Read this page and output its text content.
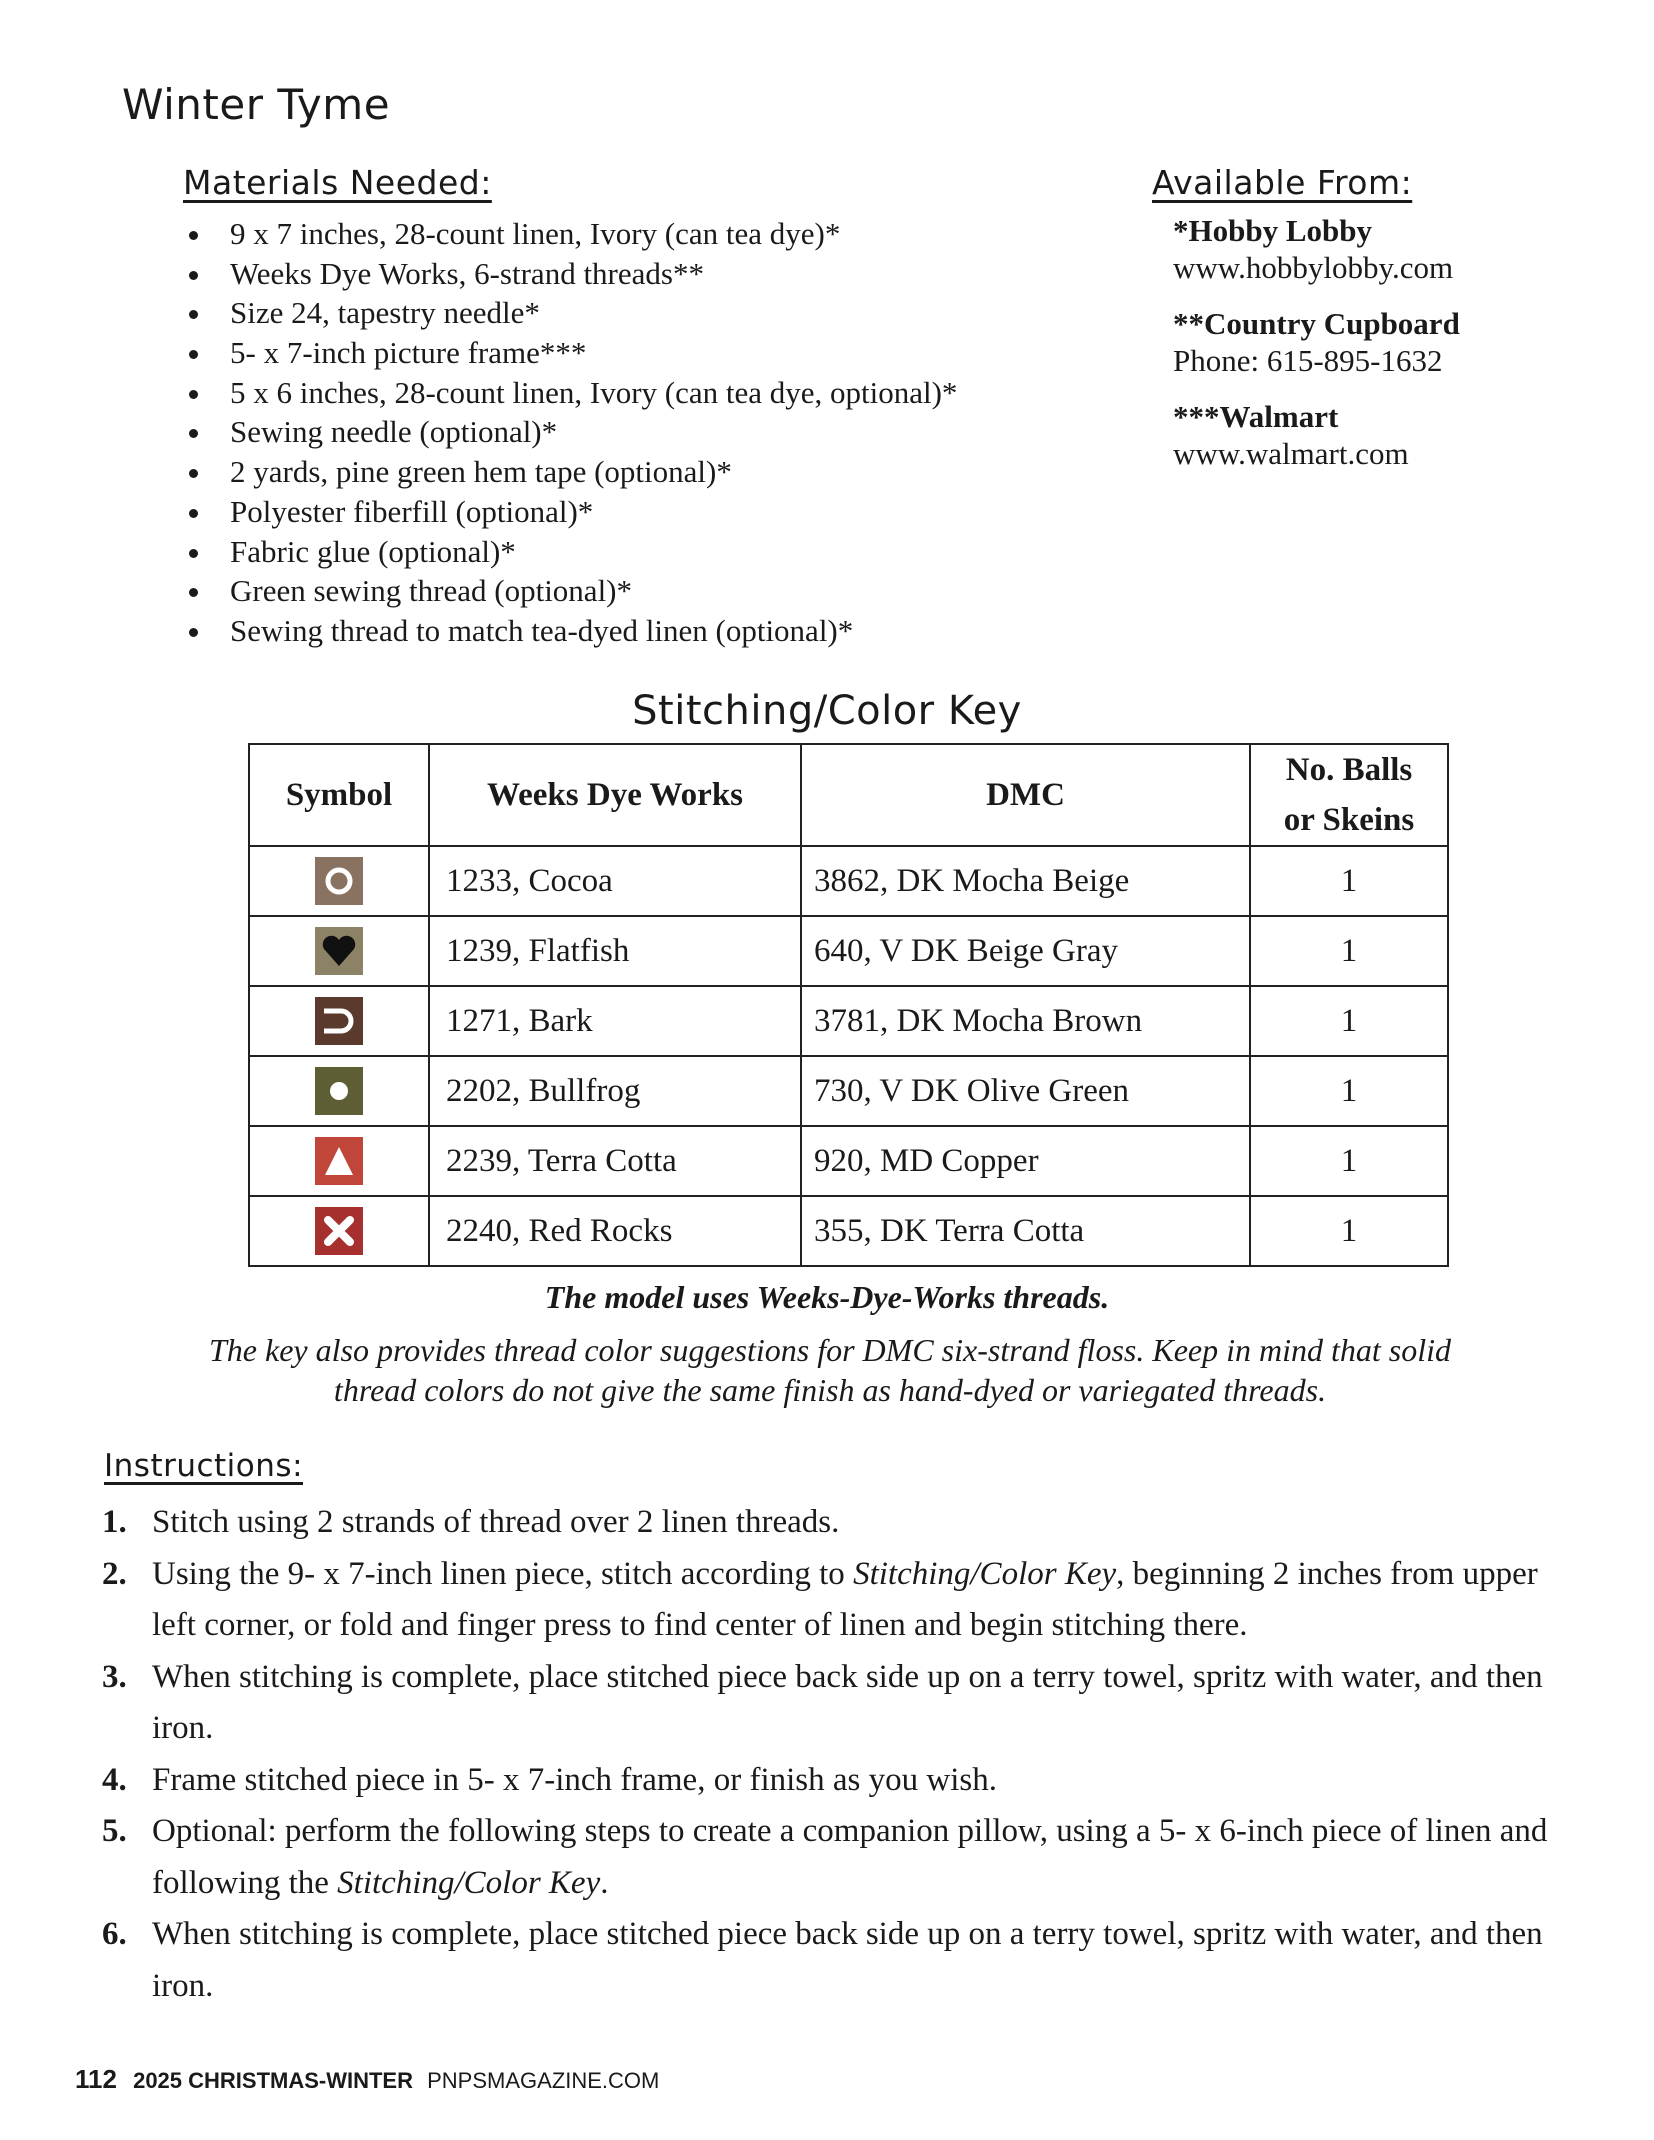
Winter Tyme
Materials Needed:
9 x 7 inches, 28-count linen, Ivory (can tea dye)*
Weeks Dye Works, 6-strand threads**
Size 24, tapestry needle*
5- x 7-inch picture frame***
5 x 6 inches, 28-count linen, Ivory (can tea dye, optional)*
Sewing needle (optional)*
2 yards, pine green hem tape (optional)*
Polyester fiberfill (optional)*
Fabric glue (optional)*
Green sewing thread (optional)*
Sewing thread to match tea-dyed linen (optional)*
Available From:
*Hobby Lobby
www.hobbylobby.com
**Country Cupboard
Phone: 615-895-1632
***Walmart
www.walmart.com
Stitching/Color Key
Symbol	Weeks Dye Works	DMC	No. Balls
or Skeins

	1233, Cocoa	3862, DK Mocha Beige	1
	1239, Flatfish	640, V DK Beige Gray	1
	1271, Bark	3781, DK Mocha Brown	1
	2202, Bullfrog	730, V DK Olive Green	1
	2239, Terra Cotta	920, MD Copper	1
	2240, Red Rocks	355, DK Terra Cotta	1
The model uses Weeks-Dye-Works threads.
The key also provides thread color suggestions for DMC six-strand floss. Keep in mind that solid thread colors do not give the same finish as hand-dyed or variegated threads.
Instructions:
1. Stitch using 2 strands of thread over 2 linen threads.
2. Using the 9- x 7-inch linen piece, stitch according to Stitching/Color Key, beginning 2 inches from upper left corner, or fold and finger press to find center of linen and begin stitching there.
3. When stitching is complete, place stitched piece back side up on a terry towel, spritz with water, and then iron.
4. Frame stitched piece in 5- x 7-inch frame, or finish as you wish.
5. Optional: perform the following steps to create a companion pillow, using a 5- x 6-inch piece of linen and following the Stitching/Color Key.
6. When stitching is complete, place stitched piece back side up on a terry towel, spritz with water, and then iron.
112 2025 CHRISTMAS-WINTER PNPSMAGAZINE.COM
